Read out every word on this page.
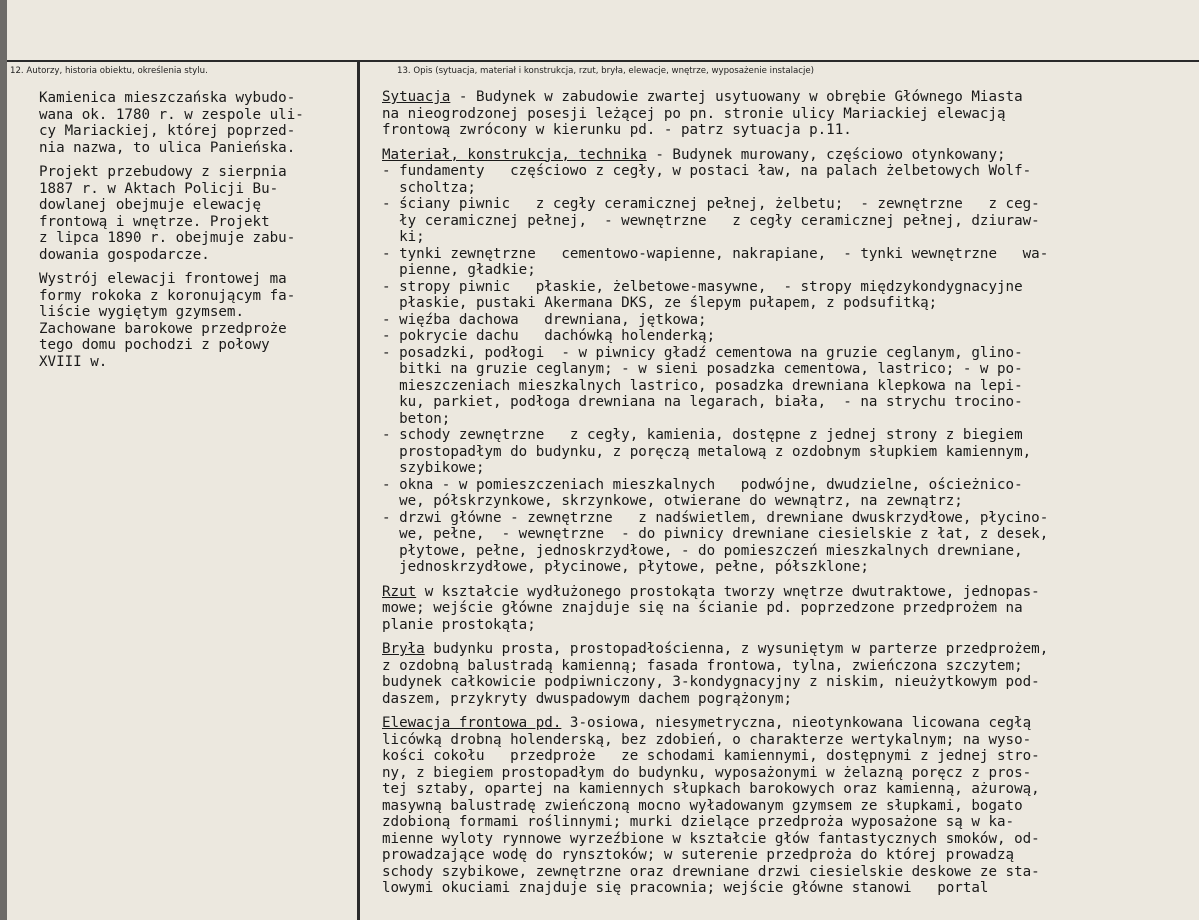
12. Autorzy, historia obiektu, określenia stylu.	13. Opis (sytuacja, materiał i konstrukcja, rzut, bryła, elewacje, wnętrze, wyposażenie instalacje)

Kamienica mieszczańska wybudo-
wana ok. 1780 r. w zespole uli-
cy Mariackiej, której poprzed-
nia nazwa, to ulica Panieńska.

Projekt przebudowy z sierpnia
1887 r. w Aktach Policji Bu-
dowlanej obejmuje elewację
frontową i wnętrze. Projekt
z lipca 1890 r. obejmuje zabu-
dowania gospodarcze.

Wystrój elewacji frontowej ma
formy rokoka z koronującym fa-
liście wygiętym gzymsem.
Zachowane barokowe przedproże
tego domu pochodzi z połowy
XVIII w.

Sytuacja - Budynek w zabudowie zwartej usytuowany w obrębie Głównego Miasta
na nieogrodzonej posesji leżącej po pn. stronie ulicy Mariackiej elewacją
frontową zwrócony w kierunku pd. - patrz sytuacja p.11.
Materiał, konstrukcja, technika - Budynek murowany, częściowo otynkowany;
- fundamenty   częściowo z cegły, w postaci ław, na palach żelbetowych Wolf-
scholtza;
- ściany piwnic   z cegły ceramicznej pełnej, żelbetu;  - zewnętrzne   z ceg-
ły ceramicznej pełnej,  - wewnętrzne   z cegły ceramicznej pełnej, dziuraw-
ki;
- tynki zewnętrzne   cementowo-wapienne, nakrapiane,  - tynki wewnętrzne   wa-
pienne, gładkie;
- stropy piwnic   płaskie, żelbetowe-masywne,  - stropy międzykondygnacyjne
płaskie, pustaki Akermana DKS, ze ślepym pułapem, z podsufitką;
- więźba dachowa   drewniana, jętkowa;
- pokrycie dachu   dachówką holenderką;
- posadzki, podłogi  - w piwnicy gładź cementowa na gruzie ceglanym, glino-
bitki na gruzie ceglanym; - w sieni posadzka cementowa, lastrico; - w po-
mieszczeniach mieszkalnych lastrico, posadzka drewniana klepkowa na lepi-
ku, parkiet, podłoga drewniana na legarach, biała,  - na strychu trocino-
beton;
- schody zewnętrzne   z cegły, kamienia, dostępne z jednej strony z biegiem
prostopadłym do budynku, z poręczą metalową z ozdobnym słupkiem kamiennym,
szybikowe;
- okna - w pomieszczeniach mieszkalnych   podwójne, dwudzielne, ościeżnico-
we, półskrzynkowe, skrzynkowe, otwierane do wewnątrz, na zewnątrz;
- drzwi główne - zewnętrzne   z nadświetlem, drewniane dwuskrzydłowe, płycino-
we, pełne,  - wewnętrzne  - do piwnicy drewniane ciesielskie z łat, z desek,
płytowe, pełne, jednoskrzydłowe, - do pomieszczeń mieszkalnych drewniane,
jednoskrzydłowe, płycinowe, płytowe, pełne, półszklone;
Rzut w kształcie wydłużonego prostokąta tworzy wnętrze dwutraktowe, jednopas-
mowe; wejście główne znajduje się na ścianie pd. poprzedzone przedprożem na
planie prostokąta;
Bryła budynku prosta, prostopadłościenna, z wysuniętym w parterze przedprożem,
z ozdobną balustradą kamienną; fasada frontowa, tylna, zwieńczona szczytem;
budynek całkowicie podpiwniczony, 3-kondygnacyjny z niskim, nieużytkowym pod-
daszem, przykryty dwuspadowym dachem pogrążonym;
Elewacja frontowa pd. 3-osiowa, niesymetryczna, nieotynkowana licowana cegłą
licówką drobną holenderską, bez zdobień, o charakterze wertykalnym; na wyso-
kości cokołu   przedproże   ze schodami kamiennymi, dostępnymi z jednej stro-
ny, z biegiem prostopadłym do budynku, wyposażonymi w żelazną poręcz z pros-
tej sztaby, opartej na kamiennych słupkach barokowych oraz kamienną, ażurową,
masywną balustradę zwieńczoną mocno wyładowanym gzymsem ze słupkami, bogato
zdobioną formami roślinnymi; murki dzielące przedproża wyposażone są w ka-
mienne wyloty rynnowe wyrzeźbione w kształcie głów fantastycznych smoków, od-
prowadzające wodę do rynsztoków; w suterenie przedproża do której prowadzą
schody szybikowe, zewnętrzne oraz drewniane drzwi ciesielskie deskowe ze sta-
lowymi okuciami znajduje się pracownia; wejście główne stanowi   portal
